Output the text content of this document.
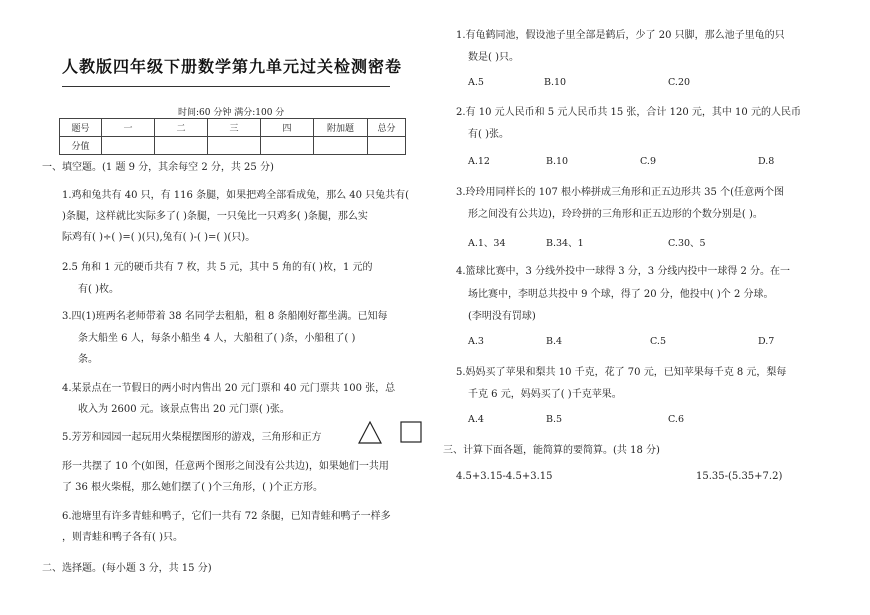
人教版四年级下册数学第九单元过关检测密卷
时间:60 分钟 满分:100 分
题号	一	二	三	四	附加题	总分
分值						
一、填空题。(1 题 9 分，其余每空 2 分，共 25 分)
1.鸡和兔共有 40 只，有 116 条腿，如果把鸡全部看成兔，那么 40 只兔共有(
)条腿，这样就比实际多了( )条腿，一只兔比一只鸡多( )条腿，那么实
际鸡有( )÷( )=( )(只),兔有( )-( )=( )(只)。
2.5 角和 1 元的硬币共有 7 枚，共 5 元，其中 5 角的有( )枚，1 元的
有( )枚。
3.四(1)班两名老师带着 38 名同学去租船，租 8 条船刚好都坐满。已知每
条大船坐 6 人，每条小船坐 4 人，大船租了( )条，小船租了( )
条。
4.某景点在一节假日的两小时内售出 20 元门票和 40 元门票共 100 张，总
收入为 2600 元。该景点售出 20 元门票( )张。
5.芳芳和园园一起玩用火柴棍摆图形的游戏，三角形和正方
形一共摆了 10 个(如图，任意两个图形之间没有公共边)，如果她们一共用
了 36 根火柴棍，那么她们摆了( )个三角形，( )个正方形。
6.池塘里有许多青蛙和鸭子，它们一共有 72 条腿，已知青蛙和鸭子一样多
，则青蛙和鸭子各有( )只。
二、选择题。(每小题 3 分，共 15 分)
1.有龟鹤同池，假设池子里全部是鹤后，少了 20 只脚，那么池子里龟的只
数是( )只。
A.5	B.10	C.20
2.有 10 元人民币和 5 元人民币共 15 张，合计 120 元，其中 10 元的人民币
有( )张。
A.12	B.10	C.9	D.8
3.玲玲用同样长的 107 根小棒拼成三角形和正五边形共 35 个(任意两个图
形之间没有公共边)，玲玲拼的三角形和正五边形的个数分别是( )。
A.1、34	B.34、1	C.30、5
4.篮球比赛中，3 分线外投中一球得 3 分，3 分线内投中一球得 2 分。在一
场比赛中，李明总共投中 9 个球，得了 20 分，他投中( )个 2 分球。
(李明没有罚球)
A.3	B.4	C.5	D.7
5.妈妈买了苹果和梨共 10 千克，花了 70 元，已知苹果每千克 8 元，梨每
千克 6 元，妈妈买了( )千克苹果。
A.4	B.5	C.6
三、计算下面各题，能简算的要简算。(共 18 分)
4.5+3.15-4.5+3.15	15.35-(5.35+7.2)
